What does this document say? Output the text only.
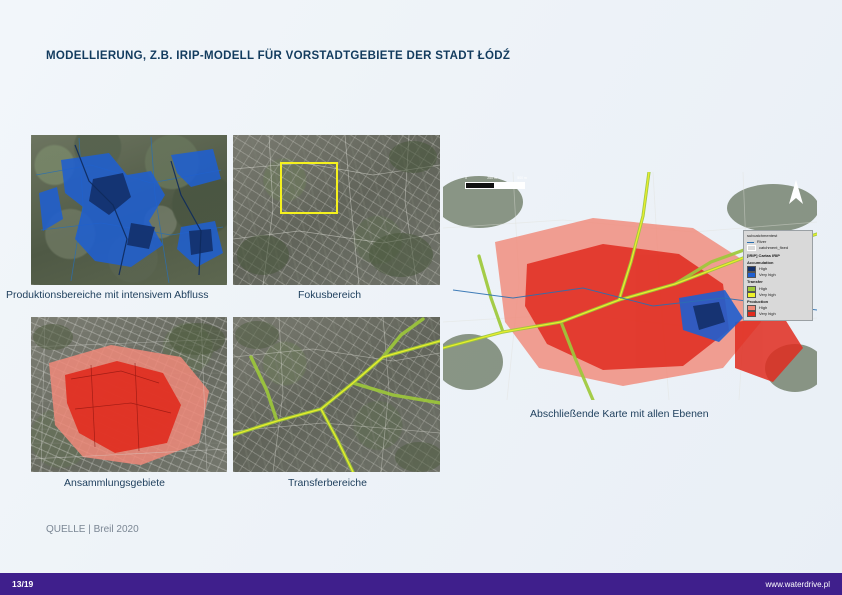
MODELLIERUNG, Z.B. IRIP-MODELL FÜR VORSTADTGEBIETE DER STADT ŁÓDŹ
Produktionsbereiche mit intensivem Abfluss	Fokusbereich
Ansammlungsgebiete	Transferbereiche
0	250 m	500 m
subcatchmentest
River
catchment_fixed
[IRIP] Cartas IRIP
Accumulation
High
Very high
Transfer
High
Very high
Production
High
Very high
Abschließende Karte mit allen Ebenen
QUELLE | Breil 2020
13/19	www.waterdrive.pl
